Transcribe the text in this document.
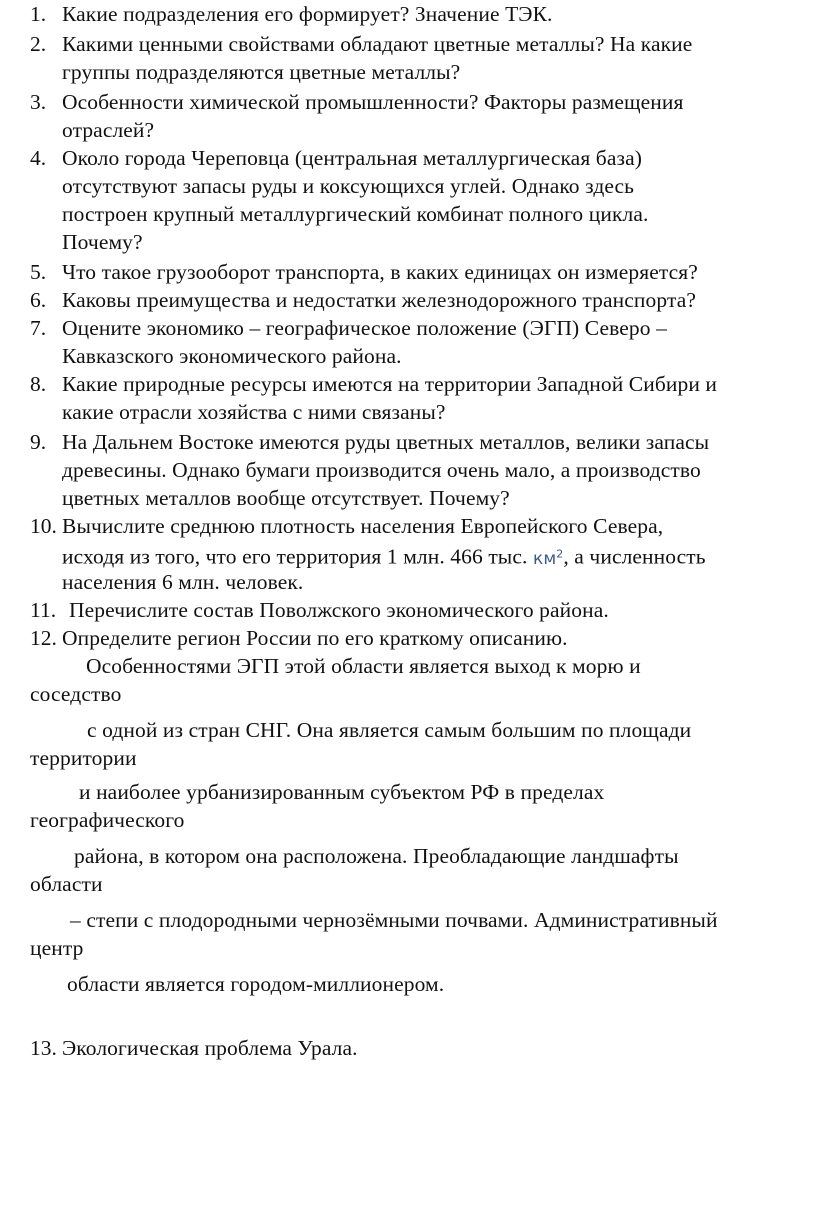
1. Какие подразделения его формирует? Значение ТЭК.
2. Какими ценными свойствами обладают цветные металлы? На какие
группы подразделяются цветные металлы?
3. Особенности химической промышленности? Факторы размещения
отраслей?
4. Около города Череповца (центральная металлургическая база)
отсутствуют запасы руды и коксующихся углей. Однако здесь
построен крупный металлургический комбинат полного цикла.
Почему?
5. Что такое грузооборот транспорта, в каких единицах он измеряется?
6. Каковы преимущества и недостатки железнодорожного транспорта?
7. Оцените экономико – географическое положение (ЭГП) Северо –
Кавказского экономического района.
8. Какие природные ресурсы имеются на территории Западной Сибири и
какие отрасли хозяйства с ними связаны?
9. На Дальнем Востоке имеются руды цветных металлов, велики запасы
древесины. Однако бумаги производится очень мало, а производство
цветных металлов вообще отсутствует. Почему?
10. Вычислите среднюю плотность населения Европейского Севера,
исходя из того, что его территория 1 млн. 466 тыс. $км^2$, а численность
населения 6 млн. человек.
11. Перечислите состав Поволжского экономического района.
12. Определите регион России по его краткому описанию.
Особенностями ЭГП этой области является выход к морю и
соседство
с одной из стран СНГ. Она является самым большим по площади
территории
и наиболее урбанизированным субъектом РФ в пределах
географического
района, в котором она расположена. Преобладающие ландшафты
области
– степи с плодородными чернозёмными почвами. Административный
центр
области является городом-миллионером.
13. Экологическая проблема Урала.
